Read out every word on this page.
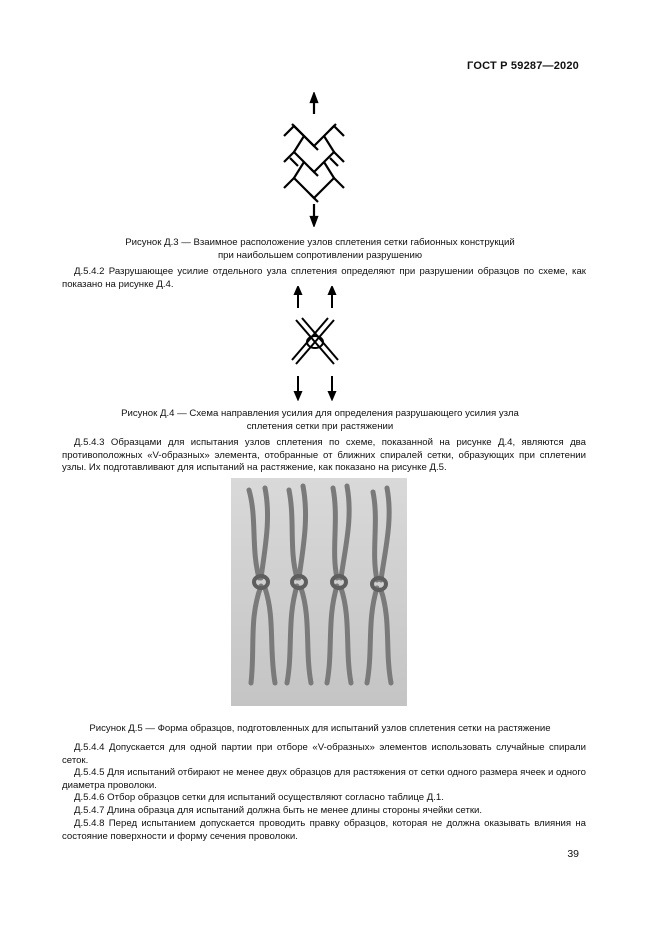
ГОСТ Р 59287—2020
Рисунок Д.3 — Взаимное расположение узлов сплетения сетки габионных конструкций
при наибольшем сопротивлении разрушению
Д.5.4.2 Разрушающее усилие отдельного узла сплетения определяют при разрушении образцов по схеме, как показано на рисунке Д.4.
Рисунок Д.4 — Схема направления усилия для определения разрушающего усилия узла
сплетения сетки при растяжении
Д.5.4.3 Образцами для испытания узлов сплетения по схеме, показанной на рисунке Д.4, являются два противоположных «V-образных» элемента, отобранные от ближних спиралей сетки, образующих при сплетении узлы. Их подготавливают для испытаний на растяжение, как показано на рисунке Д.5.
Рисунок Д.5 — Форма образцов, подготовленных для испытаний узлов сплетения сетки на растяжение
Д.5.4.4 Допускается для одной партии при отборе «V-образных» элементов использовать случайные спирали сеток.
Д.5.4.5 Для испытаний отбирают не менее двух образцов для растяжения от сетки одного размера ячеек и одного диаметра проволоки.
Д.5.4.6 Отбор образцов сетки для испытаний осуществляют согласно таблице Д.1.
Д.5.4.7 Длина образца для испытаний должна быть не менее длины стороны ячейки сетки.
Д.5.4.8 Перед испытанием допускается проводить правку образцов, которая не должна оказывать влияния на состояние поверхности и форму сечения проволоки.
39
